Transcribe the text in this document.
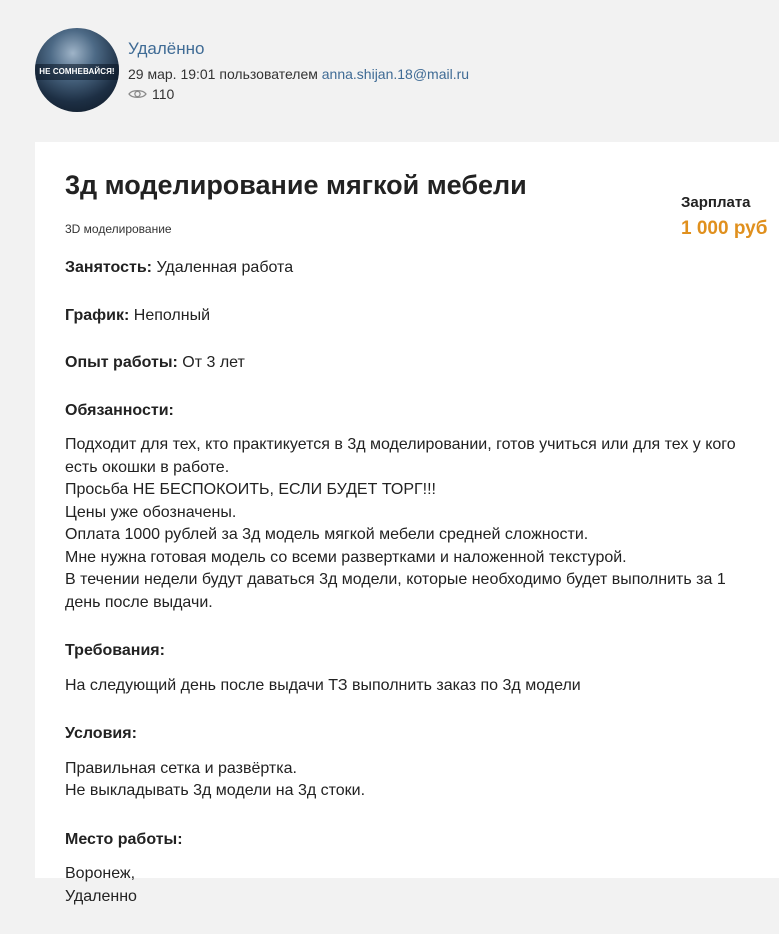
НЕ СОМНЕВАЙСЯ!
Удалённо
29 мар. 19:01 пользователем anna.shijan.18@mail.ru
110
3д моделирование мягкой мебели
3D моделирование
Зарплата
1 000 руб
Занятость: Удаленная работа
График: Неполный
Опыт работы: От 3 лет
Обязанности:
Подходит для тех, кто практикуется в 3д моделировании, готов учиться или для тех у кого есть окошки в работе.
Просьба НЕ БЕСПОКОИТЬ, ЕСЛИ БУДЕТ ТОРГ!!!
Цены уже обозначены.
Оплата 1000 рублей за 3д модель мягкой мебели средней сложности.
Мне нужна готовая модель со всеми развертками и наложенной текстурой.
В течении недели будут даваться 3д модели, которые необходимо будет выполнить за 1 день после выдачи.
Требования:
На следующий день после выдачи ТЗ выполнить заказ по 3д модели
Условия:
Правильная сетка и развёртка.
Не выкладывать 3д модели на 3д стоки.
Место работы:
Воронеж,
Удаленно
